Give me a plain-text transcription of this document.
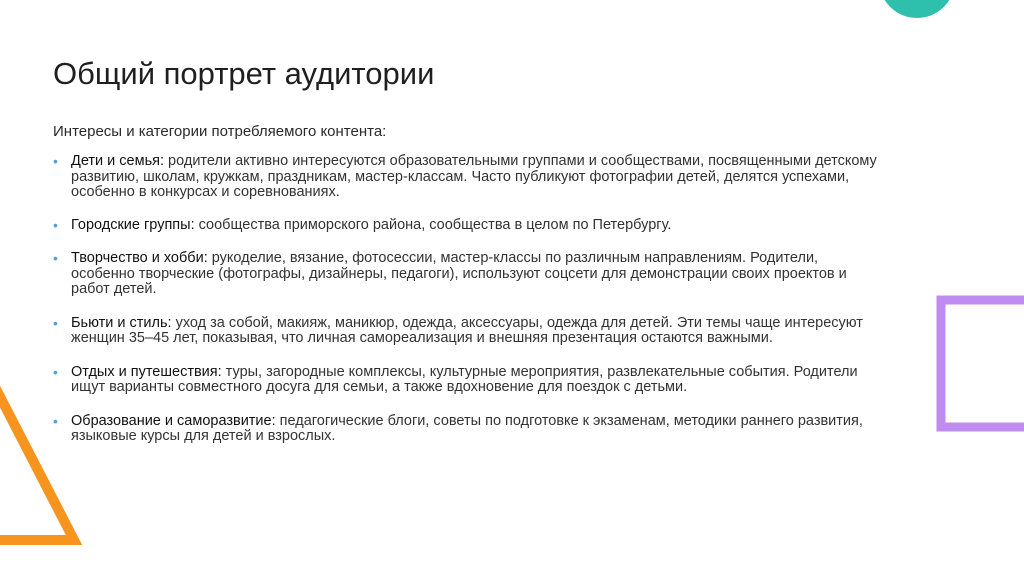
Общий портрет аудитории
Интересы и категории потребляемого контента:
• Дети и семья: родители активно интересуются образовательными группами и сообществами, посвященными детскому развитию, школам, кружкам, праздникам, мастер-классам. Часто публикуют фотографии детей, делятся успехами, особенно в конкурсах и соревнованиях.
• Городские группы: сообщества приморского района, сообщества в целом по Петербургу.
• Творчество и хобби: рукоделие, вязание, фотосессии, мастер-классы по различным направлениям. Родители, особенно творческие (фотографы, дизайнеры, педагоги), используют соцсети для демонстрации своих проектов и работ детей.
• Бьюти и стиль: уход за собой, макияж, маникюр, одежда, аксессуары, одежда для детей. Эти темы чаще интересуют женщин 35–45 лет, показывая, что личная самореализация и внешняя презентация остаются важными.
• Отдых и путешествия: туры, загородные комплексы, культурные мероприятия, развлекательные события. Родители ищут варианты совместного досуга для семьи, а также вдохновение для поездок с детьми.
• Образование и саморазвитие: педагогические блоги, советы по подготовке к экзаменам, методики раннего развития, языковые курсы для детей и взрослых.
